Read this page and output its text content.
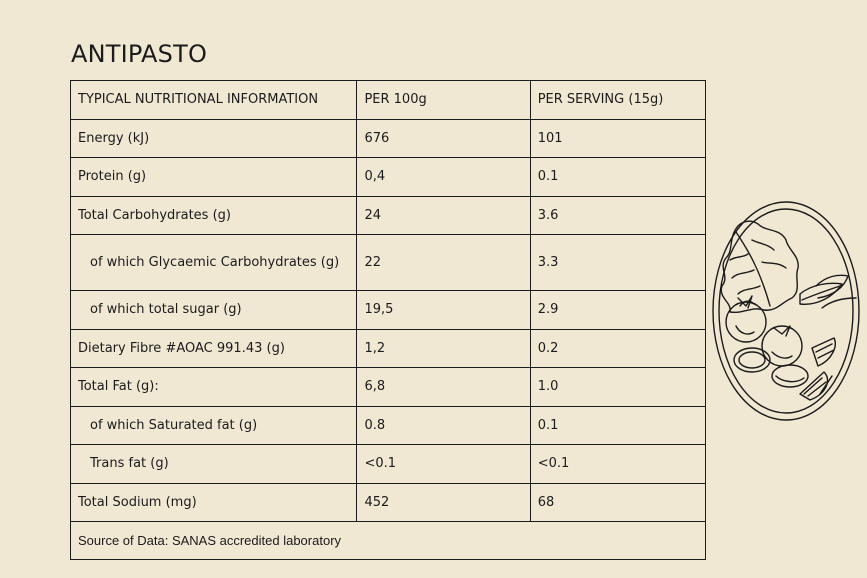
ANTIPASTO
TYPICAL NUTRITIONAL INFORMATION	PER 100g	PER SERVING (15g)
Energy (kJ)	676	101
Protein (g)	0,4	0.1
Total Carbohydrates (g)	24	3.6
of which Glycaemic Carbohydrates (g)	22	3.3
of which total sugar (g)	19,5	2.9
Dietary Fibre #AOAC 991.43 (g)	1,2	0.2
Total Fat (g):	6,8	1.0
of which Saturated fat (g)	0.8	0.1
Trans fat (g)	<0.1	<0.1
Total Sodium (mg)	452	68
Source of Data: SANAS accredited laboratory		
